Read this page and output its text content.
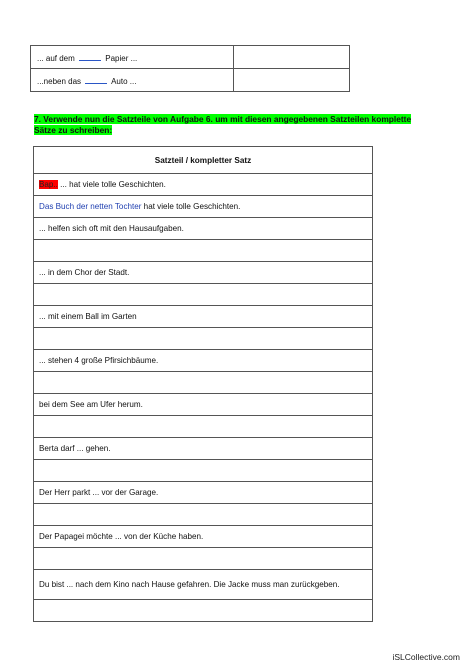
... auf dem Papier ...	
...neben das Auto ...	
7. Verwende nun die Satzteile von Aufgabe 6. um mit diesen angegebenen Satzteilen komplette Sätze zu schreiben:
Satzteil / kompletter Satz
Bap.. ... hat viele tolle Geschichten.
Das Buch der netten Tochter hat viele tolle Geschichten.
... helfen sich oft mit den Hausaufgaben.

... in dem Chor der Stadt.

... mit einem Ball im Garten

... stehen 4 große Pfirsichbäume.

bei dem See am Ufer herum.

Berta darf ... gehen.

Der Herr parkt ... vor der Garage.

Der Papagei möchte ... von der Küche haben.

Du bist ... nach dem Kino nach Hause gefahren. Die Jacke muss man zurückgeben.

iSLCollective.com
